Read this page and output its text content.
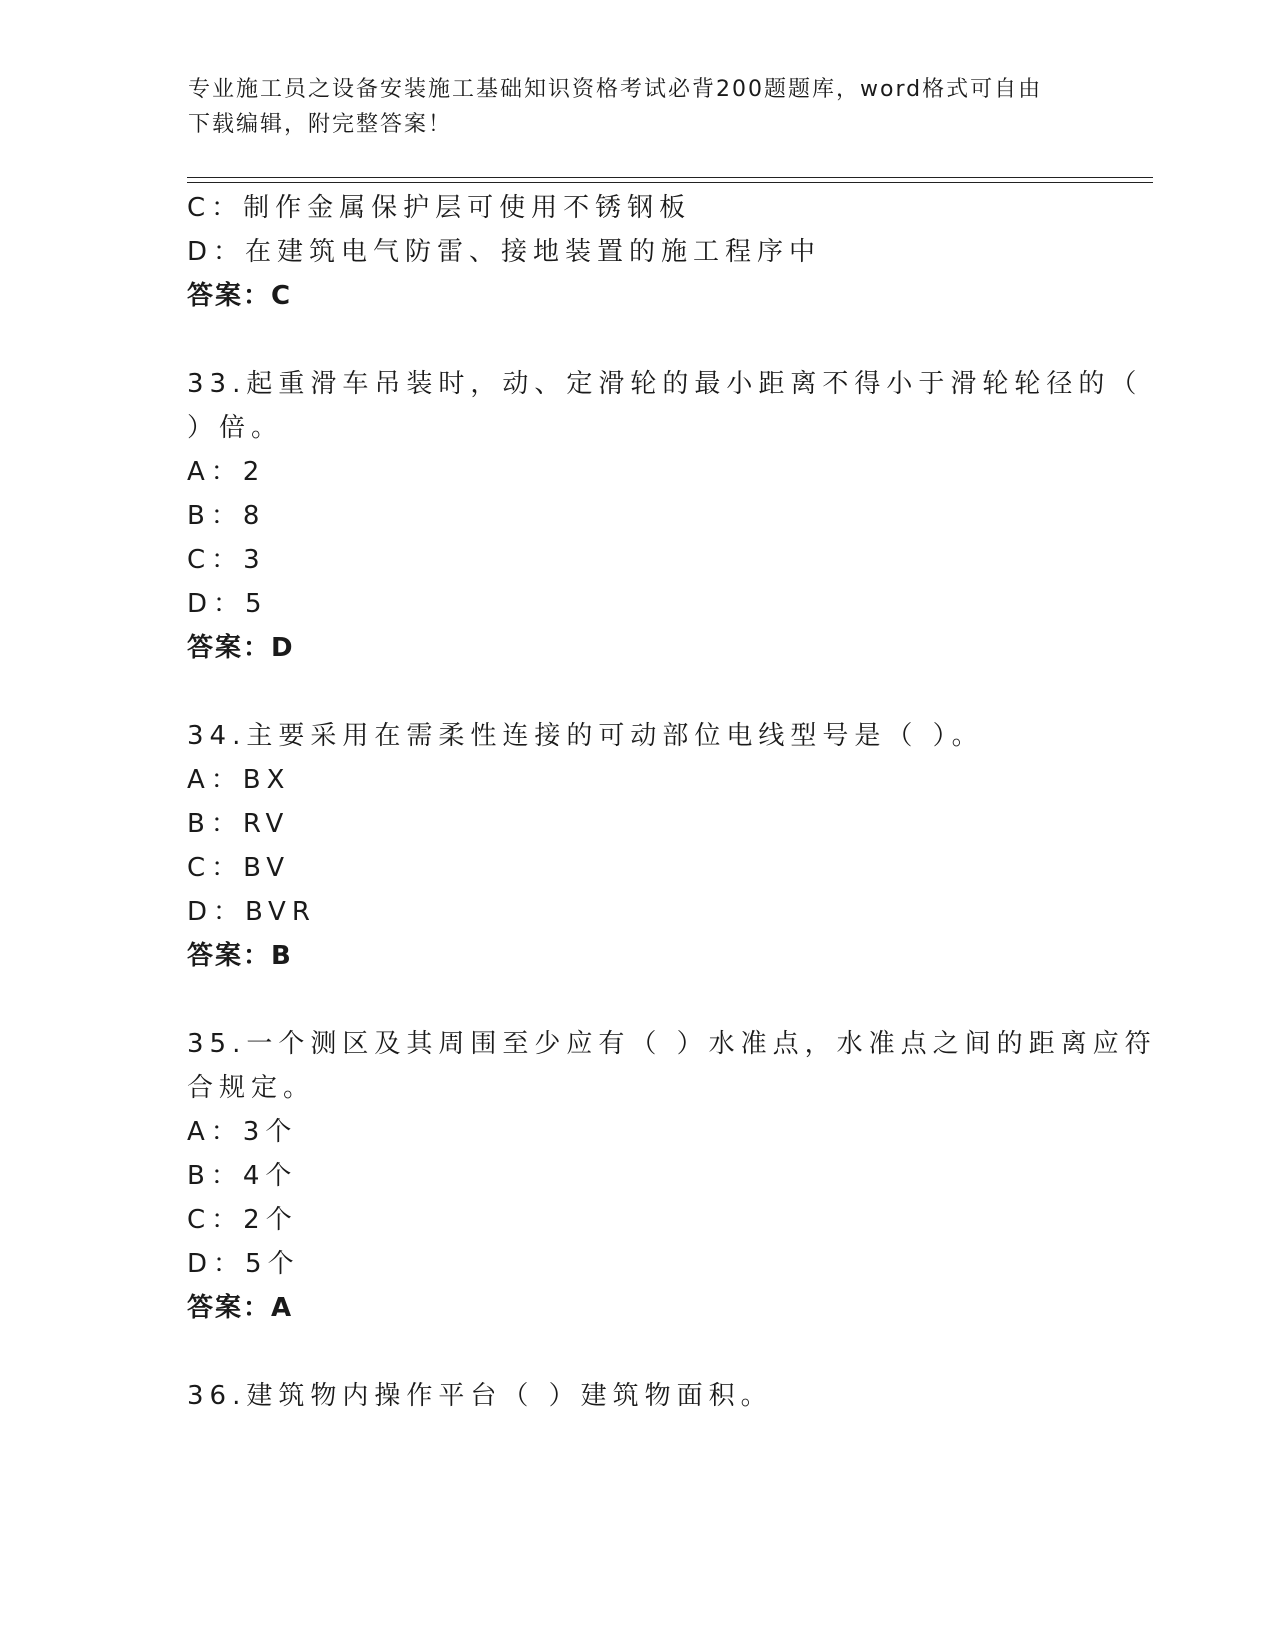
专业施工员之设备安装施工基础知识资格考试必背200题题库，word格式可自由
下载编辑，附完整答案！
C：制作金属保护层可使用不锈钢板
D：在建筑电气防雷、接地装置的施工程序中
答案：C
33.起重滑车吊装时，动、定滑轮的最小距离不得小于滑轮轮径的（
）倍。
A：2
B：8
C：3
D：5
答案：D
34.主要采用在需柔性连接的可动部位电线型号是（ ）。
A：BX
B：RV
C：BV
D：BVR
答案：B
35.一个测区及其周围至少应有（ ）水准点，水准点之间的距离应符
合规定。
A：3个
B：4个
C：2个
D：5个
答案：A
36.建筑物内操作平台（ ）建筑物面积。
